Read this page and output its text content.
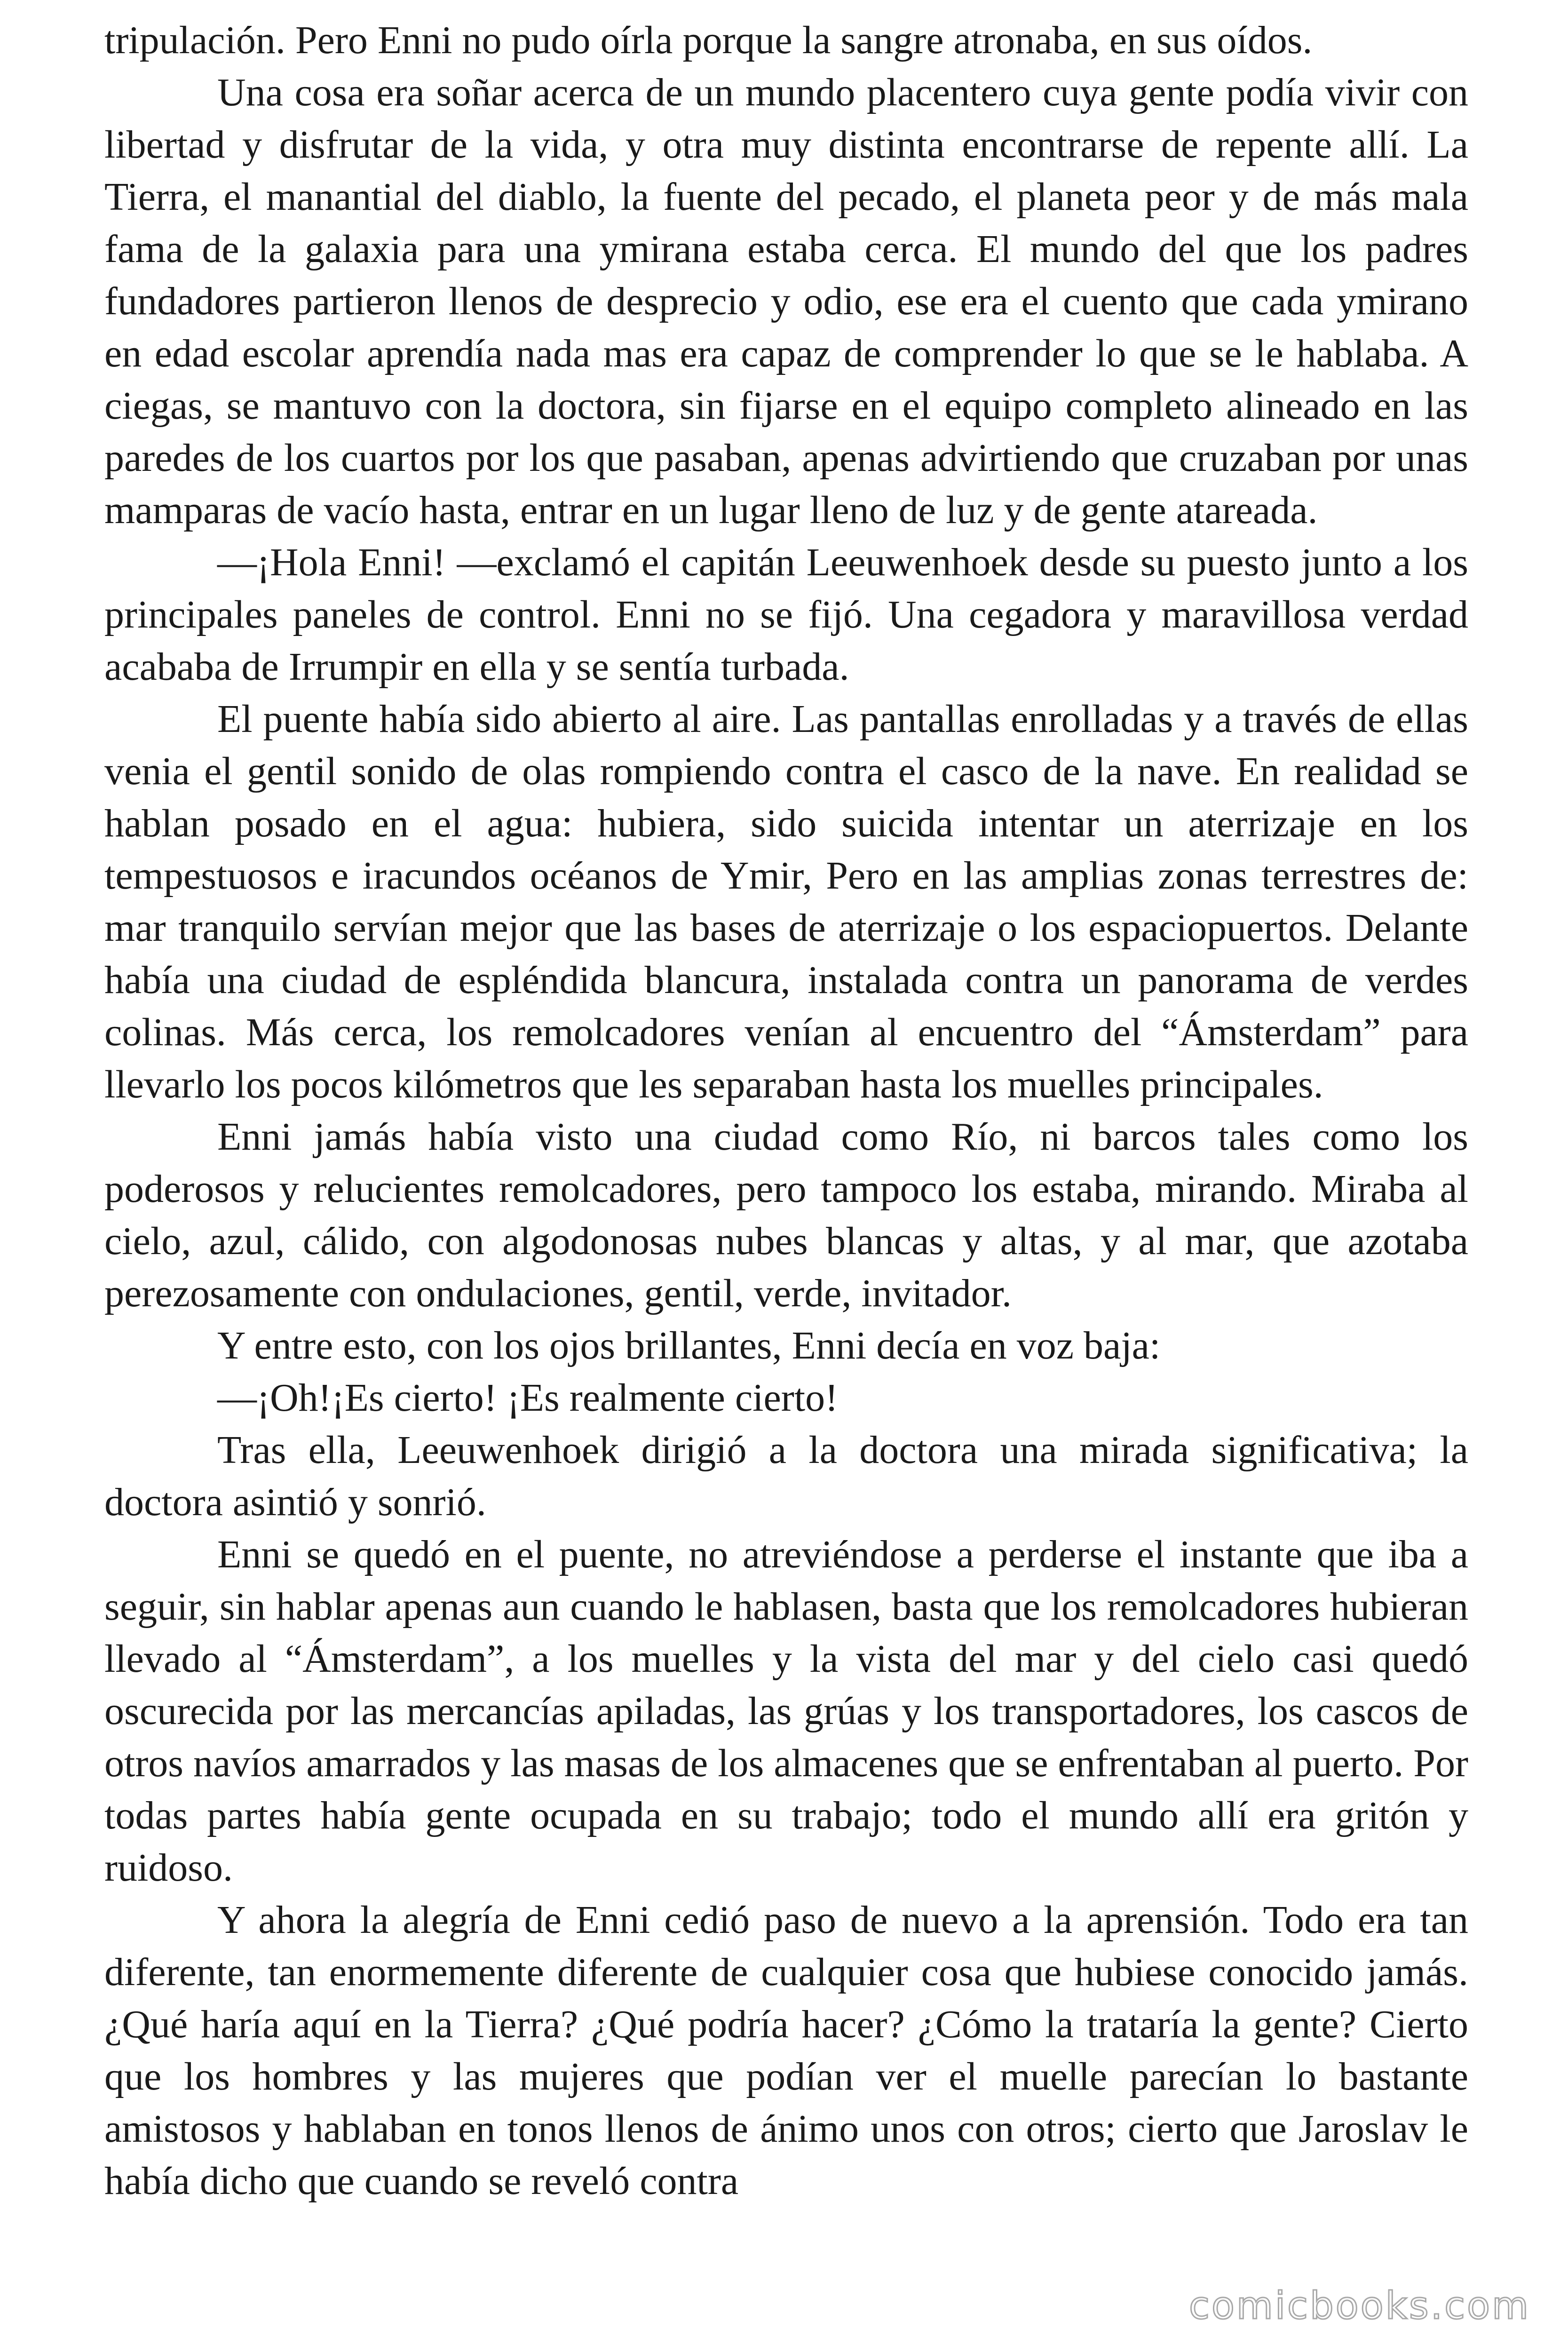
tripulación. Pero Enni no pudo oírla porque la sangre atronaba, en sus oídos.

Una cosa era soñar acerca de un mundo placentero cuya gente podía vivir con libertad y disfrutar de la vida, y otra muy distinta encontrarse de repente allí. La Tierra, el manantial del diablo, la fuente del pecado, el planeta peor y de más mala fama de la galaxia para una ymirana estaba cerca. El mundo del que los padres fundadores partieron llenos de desprecio y odio, ese era el cuento que cada ymirano en edad escolar aprendía nada mas era capaz de comprender lo que se le hablaba. A ciegas, se mantuvo con la doctora, sin fijarse en el equipo completo alineado en las paredes de los cuartos por los que pasaban, apenas advirtiendo que cruzaban por unas mamparas de vacío hasta, entrar en un lugar lleno de luz y de gente atareada.

—¡Hola Enni! —exclamó el capitán Leeuwenhoek desde su puesto junto a los principales paneles de control. Enni no se fijó. Una cegadora y maravillosa verdad acababa de Irrumpir en ella y se sentía turbada.

El puente había sido abierto al aire. Las pantallas enrolladas y a través de ellas venia el gentil sonido de olas rompiendo contra el casco de la nave. En realidad se hablan posado en el agua: hubiera, sido suicida intentar un aterrizaje en los tempestuosos e iracundos océanos de Ymir, Pero en las amplias zonas terrestres de: mar tranquilo servían mejor que las bases de aterrizaje o los espaciopuertos. Delante había una ciudad de espléndida blancura, instalada contra un panorama de verdes colinas. Más cerca, los remolcadores venían al encuentro del “Ámsterdam” para llevarlo los pocos kilómetros que les separaban hasta los muelles principales.

Enni jamás había visto una ciudad como Río, ni barcos tales como los poderosos y relucientes remolcadores, pero tampoco los estaba, mirando. Miraba al cielo, azul, cálido, con algodonosas nubes blancas y altas, y al mar, que azotaba perezosamente con ondulaciones, gentil, verde, invitador.

Y entre esto, con los ojos brillantes, Enni decía en voz baja:

—¡Oh!¡Es cierto! ¡Es realmente cierto!

Tras ella, Leeuwenhoek dirigió a la doctora una mirada significativa; la doctora asintió y sonrió.

Enni se quedó en el puente, no atreviéndose a perderse el instante que iba a seguir, sin hablar apenas aun cuando le hablasen, basta que los remolcadores hubieran llevado al “Ámsterdam”, a los muelles y la vista del mar y del cielo casi quedó oscurecida por las mercancías apiladas, las grúas y los transportadores, los cascos de otros navíos amarrados y las masas de los almacenes que se enfrentaban al puerto. Por todas partes había gente ocupada en su trabajo; todo el mundo allí era gritón y ruidoso.

Y ahora la alegría de Enni cedió paso de nuevo a la aprensión. Todo era tan diferente, tan enormemente diferente de cualquier cosa que hubiese conocido jamás. ¿Qué haría aquí en la Tierra? ¿Qué podría hacer? ¿Cómo la trataría la gente? Cierto que los hombres y las mujeres que podían ver el muelle parecían lo bastante amistosos y hablaban en tonos llenos de ánimo unos con otros; cierto que Jaroslav le había dicho que cuando se reveló contra

comicbooks.com
